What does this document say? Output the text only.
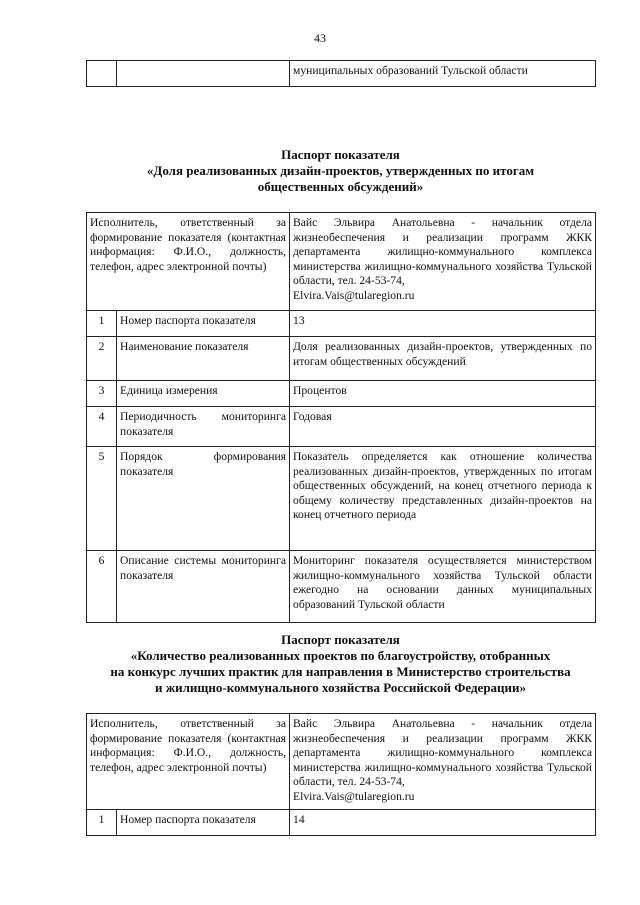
43
		муниципальных образований Тульской области
Паспорт показателя
«Доля реализованных дизайн-проектов, утвержденных по итогам
общественных обсуждений»
Исполнитель, ответственный за формирование показателя (контактная информация: Ф.И.О., должность, телефон, адрес электронной почты)		Вайс Эльвира Анатольевна - начальник отдела жизнеобеспечения и реализации программ ЖКК департамента жилищно-коммунального комплекса министерства жилищно-коммунального хозяйства Тульской области, тел. 24-53-74,
Elvira.Vais@tularegion.ru
1	Номер паспорта показателя	13
2	Наименование показателя	Доля реализованных дизайн-проектов, утвержденных по итогам общественных обсуждений
3	Единица измерения	Процентов
4	Периодичность мониторинга показателя	Годовая
5	Порядок формирования показателя	Показатель определяется как отношение количества реализованных дизайн-проектов, утвержденных по итогам общественных обсуждений, на конец отчетного периода к общему количеству представленных дизайн-проектов на конец отчетного периода
6	Описание системы мониторинга показателя	Мониторинг показателя осуществляется министерством жилищно-коммунального хозяйства Тульской области ежегодно на основании данных муниципальных образований Тульской области
Паспорт показателя
«Количество реализованных проектов по благоустройству, отобранных
на конкурс лучших практик для направления в Министерство строительства
и жилищно-коммунального хозяйства Российской Федерации»
Исполнитель, ответственный за формирование показателя (контактная информация: Ф.И.О., должность, телефон, адрес электронной почты)		Вайс Эльвира Анатольевна - начальник отдела жизнеобеспечения и реализации программ ЖКК департамента жилищно-коммунального комплекса министерства жилищно-коммунального хозяйства Тульской области, тел. 24-53-74,
Elvira.Vais@tularegion.ru
1	Номер паспорта показателя	14
